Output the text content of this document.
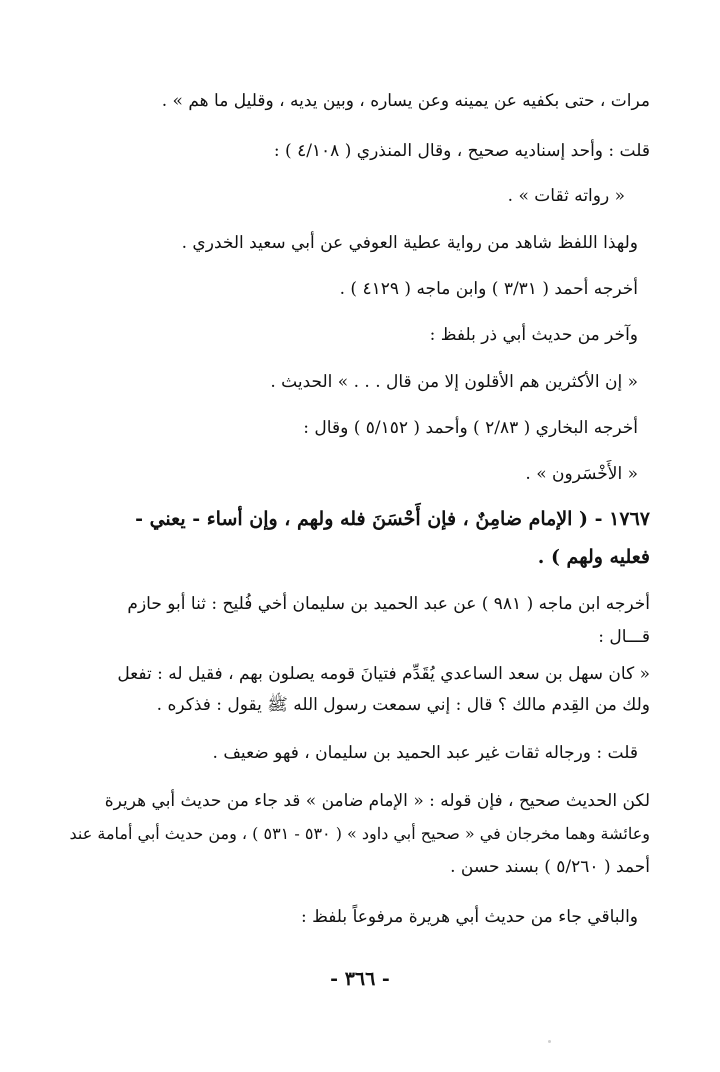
مرات ، حتى بكفيه عن يمينه وعن يساره ، وبين يديه ، وقليل ما هم » .
قلت : وأحد إسناديه صحيح ، وقال المنذري ( ٤/١٠٨ ) :
« رواته ثقات » .
ولهذا اللفظ شاهد من رواية عطية العوفي عن أبي سعيد الخدري .
أخرجه أحمد ( ٣/٣١ ) وابن ماجه ( ٤١٢٩ ) .
وآخر من حديث أبي ذر بلفظ :
« إن الأكثرين هم الأقلون إلا من قال . . . » الحديث .
أخرجه البخاري ( ٢/٨٣ ) وأحمد ( ٥/١٥٢ ) وقال :
« الأَخْسَرون » .
١٧٦٧ - ( الإمام ضامِنٌ ، فإن أَحْسَنَ فله ولهم ، وإن أساء - يعني -
فعليه ولهم ) .
أخرجه ابن ماجه ( ٩٨١ ) عن عبد الحميد بن سليمان أخي فُليح : ثنا أبو حازم
قـــال :
« كان سهل بن سعد الساعدي يُقَدِّم فتيانَ قومه يصلون بهم ، فقيل له : تفعل
ولك من القِدم مالك ؟ قال : إني سمعت رسول الله ﷺ يقول : فذكره .
قلت : ورجاله ثقات غير عبد الحميد بن سليمان ، فهو ضعيف .
لكن الحديث صحيح ، فإن قوله : « الإمام ضامن » قد جاء من حديث أبي هريرة
وعائشة وهما مخرجان في « صحيح أبي داود » ( ٥٣٠ - ٥٣١ ) ، ومن حديث أبي أمامة عند
أحمد ( ٥/٢٦٠ ) بسند حسن .
والباقي جاء من حديث أبي هريرة مرفوعاً بلفظ :
- ٣٦٦ -
